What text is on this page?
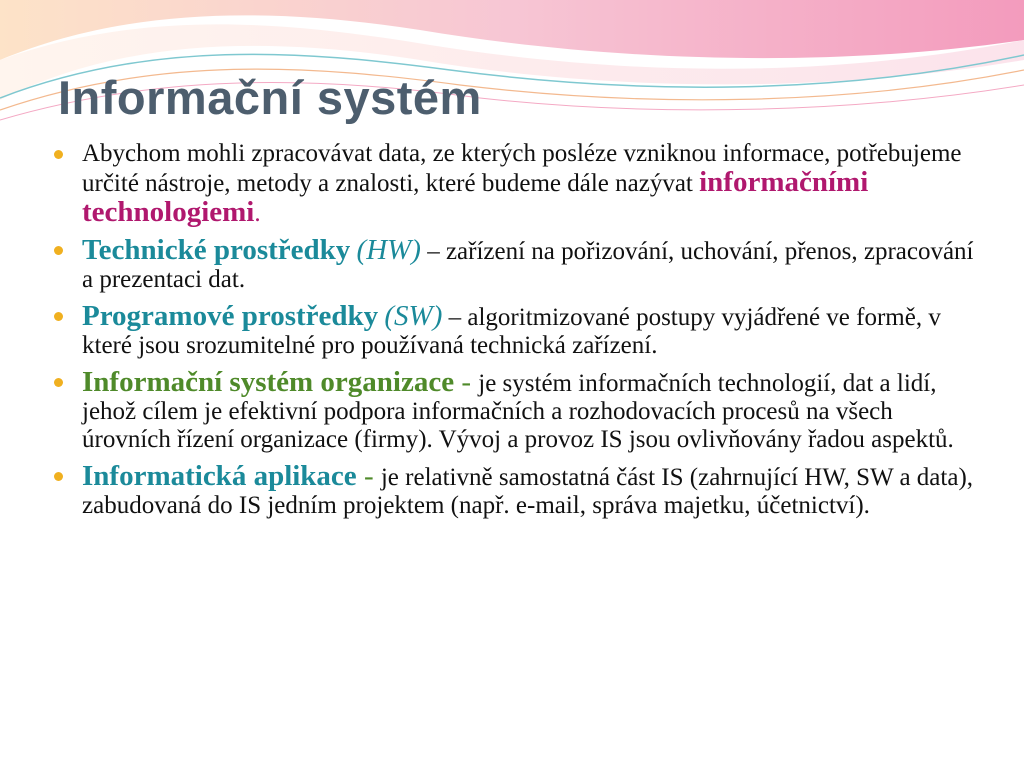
Informační systém
Abychom mohli zpracovávat data, ze kterých posléze vzniknou informace, potřebujeme určité nástroje, metody a znalosti, které budeme dále nazývat informačními technologiemi.
Technické prostředky (HW) – zařízení na pořizování, uchování, přenos, zpracování a prezentaci dat.
Programové prostředky (SW) – algoritmizované postupy vyjádřené ve formě, v které jsou srozumitelné pro používaná technická zařízení.
Informační systém organizace - je systém informačních technologií, dat a lidí, jehož cílem je efektivní podpora informačních a rozhodovacích procesů na všech úrovních řízení organizace (firmy). Vývoj a provoz IS jsou ovlivňovány řadou aspektů.
Informatická aplikace - je relativně samostatná část IS (zahrnující HW, SW a data), zabudovaná do IS jedním projektem (např. e-mail, správa majetku, účetnictví).
